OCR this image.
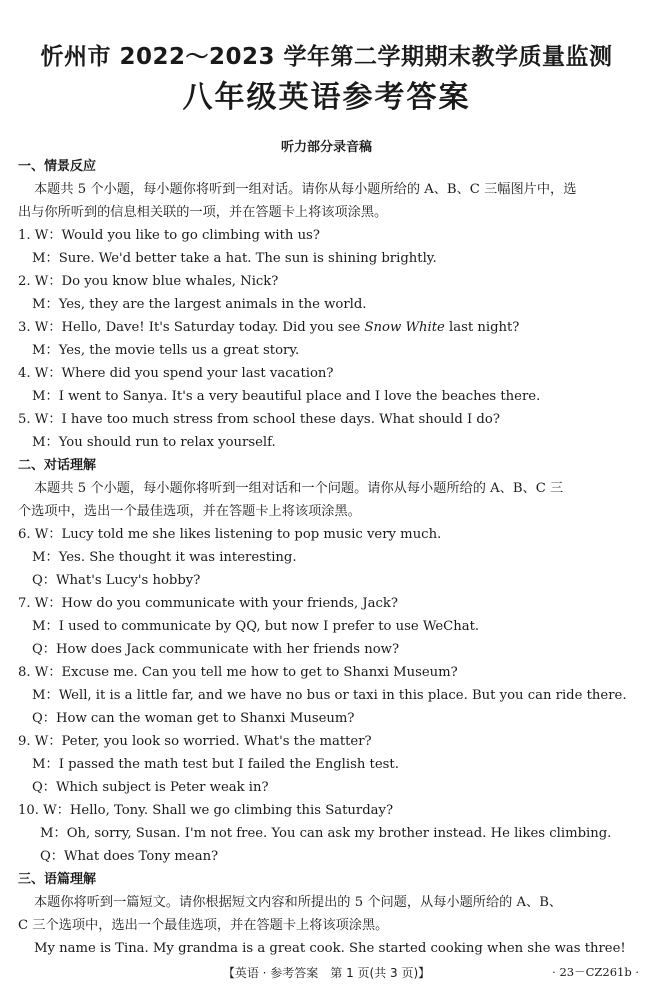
忻州市 2022～2023 学年第二学期期末教学质量监测
八年级英语参考答案
听力部分录音稿
一、情景反应
本题共 5 个小题，每小题你将听到一组对话。请你从每小题所给的 A、B、C 三幅图片中，选
出与你所听到的信息相关联的一项，并在答题卡上将该项涂黑。
1. W：Would you like to go climbing with us?
M：Sure. We'd better take a hat. The sun is shining brightly.
2. W：Do you know blue whales, Nick?
M：Yes, they are the largest animals in the world.
3. W：Hello, Dave! It's Saturday today. Did you see Snow White last night?
M：Yes, the movie tells us a great story.
4. W：Where did you spend your last vacation?
M：I went to Sanya. It's a very beautiful place and I love the beaches there.
5. W：I have too much stress from school these days. What should I do?
M：You should run to relax yourself.
二、对话理解
本题共 5 个小题，每小题你将听到一组对话和一个问题。请你从每小题所给的 A、B、C 三
个选项中，选出一个最佳选项，并在答题卡上将该项涂黑。
6. W：Lucy told me she likes listening to pop music very much.
M：Yes. She thought it was interesting.
Q：What's Lucy's hobby?
7. W：How do you communicate with your friends, Jack?
M：I used to communicate by QQ, but now I prefer to use WeChat.
Q：How does Jack communicate with her friends now?
8. W：Excuse me. Can you tell me how to get to Shanxi Museum?
M：Well, it is a little far, and we have no bus or taxi in this place. But you can ride there.
Q：How can the woman get to Shanxi Museum?
9. W：Peter, you look so worried. What's the matter?
M：I passed the math test but I failed the English test.
Q：Which subject is Peter weak in?
10. W：Hello, Tony. Shall we go climbing this Saturday?
M：Oh, sorry, Susan. I'm not free. You can ask my brother instead. He likes climbing.
Q：What does Tony mean?
三、语篇理解
本题你将听到一篇短文。请你根据短文内容和所提出的 5 个问题，从每小题所给的 A、B、
C 三个选项中，选出一个最佳选项，并在答题卡上将该项涂黑。
My name is Tina. My grandma is a great cook. She started cooking when she was three!
【英语 · 参考答案　第 1 页(共 3 页)】	· 23－CZ261b ·
